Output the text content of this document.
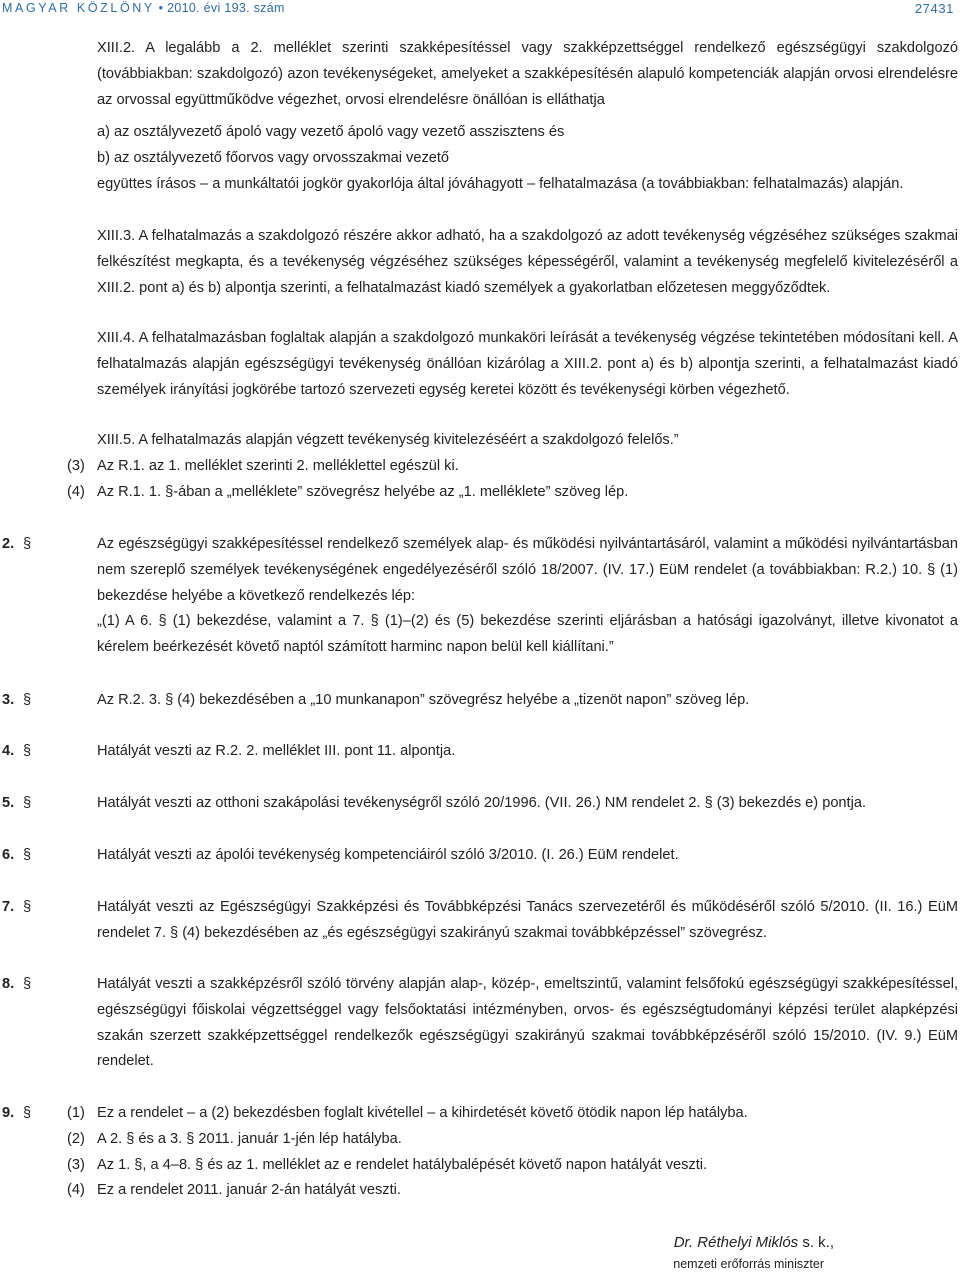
MAGYAR KÖZLÖNY • 2010. évi 193. szám	27431

XIII.2. A legalább a 2. melléklet szerinti szakképesítéssel vagy szakképzettséggel rendelkező egészségügyi szakdolgozó (továbbiakban: szakdolgozó) azon tevékenységeket, amelyeket a szakképesítésén alapuló kompetenciák alapján orvosi elrendelésre az orvossal együttműködve végezhet, orvosi elrendelésre önállóan is elláthatja

a) az osztályvezető ápoló vagy vezető ápoló vagy vezető asszisztens és

b) az osztályvezető főorvos vagy orvosszakmai vezető

együttes írásos – a munkáltatói jogkör gyakorlója által jóváhagyott – felhatalmazása (a továbbiakban: felhatalmazás) alapján.

XIII.3. A felhatalmazás a szakdolgozó részére akkor adható, ha a szakdolgozó az adott tevékenység végzéséhez szükséges szakmai felkészítést megkapta, és a tevékenység végzéséhez szükséges képességéről, valamint a tevékenység megfelelő kivitelezéséről a XIII.2. pont a) és b) alpontja szerinti, a felhatalmazást kiadó személyek a gyakorlatban előzetesen meggyőződtek.

XIII.4. A felhatalmazásban foglaltak alapján a szakdolgozó munkaköri leírását a tevékenység végzése tekintetében módosítani kell. A felhatalmazás alapján egészségügyi tevékenység önállóan kizárólag a XIII.2. pont a) és b) alpontja szerinti, a felhatalmazást kiadó személyek irányítási jogkörébe tartozó szervezeti egység keretei között és tevékenységi körben végezhető.

XIII.5. A felhatalmazás alapján végzett tevékenység kivitelezéséért a szakdolgozó felelős.”

(3) Az R.1. az 1. melléklet szerinti 2. melléklettel egészül ki.
(4) Az R.1. 1. §-ában a „melléklete” szövegrész helyébe az „1. melléklete” szöveg lép.
2. §	Az egészségügyi szakképesítéssel rendelkező személyek alap- és működési nyilvántartásáról, valamint a működési nyilvántartásban nem szereplő személyek tevékenységének engedélyezéséről szóló 18/2007. (IV. 17.) EüM rendelet (a továbbiakban: R.2.) 10. § (1) bekezdése helyébe a következő rendelkezés lép:
„(1) A 6. § (1) bekezdése, valamint a 7. § (1)–(2) és (5) bekezdése szerinti eljárásban a hatósági igazolványt, illetve kivonatot a kérelem beérkezését követő naptól számított harminc napon belül kell kiállítani.”
3. §	Az R.2. 3. § (4) bekezdésében a „10 munkanapon” szövegrész helyébe a „tizenöt napon” szöveg lép.
4. §	Hatályát veszti az R.2. 2. melléklet III. pont 11. alpontja.
5. §	Hatályát veszti az otthoni szakápolási tevékenységről szóló 20/1996. (VII. 26.) NM rendelet 2. § (3) bekezdés e) pontja.
6. §	Hatályát veszti az ápolói tevékenység kompetenciáiról szóló 3/2010. (I. 26.) EüM rendelet.
7. §	Hatályát veszti az Egészségügyi Szakképzési és Továbbképzési Tanács szervezetéről és működéséről szóló 5/2010. (II. 16.) EüM rendelet 7. § (4) bekezdésében az „és egészségügyi szakirányú szakmai továbbképzéssel” szövegrész.
8. §	Hatályát veszti a szakképzésről szóló törvény alapján alap-, közép-, emeltszintű, valamint felsőfokú egészségügyi szakképesítéssel, egészségügyi főiskolai végzettséggel vagy felsőoktatási intézményben, orvos- és egészségtudományi képzési terület alapképzési szakán szerzett szakképzettséggel rendelkezők egészségügyi szakirányú szakmai továbbképzéséről szóló 15/2010. (IV. 9.) EüM rendelet.
9. § (1) Ez a rendelet – a (2) bekezdésben foglalt kivétellel – a kihirdetését követő ötödik napon lép hatályba.
(2) A 2. § és a 3. § 2011. január 1-jén lép hatályba.
(3) Az 1. §, a 4–8. § és az 1. melléklet az e rendelet hatálybalépését követő napon hatályát veszti.
(4) Ez a rendelet 2011. január 2-án hatályát veszti.
Dr. Réthelyi Miklós s. k.,
nemzeti erőforrás miniszter
